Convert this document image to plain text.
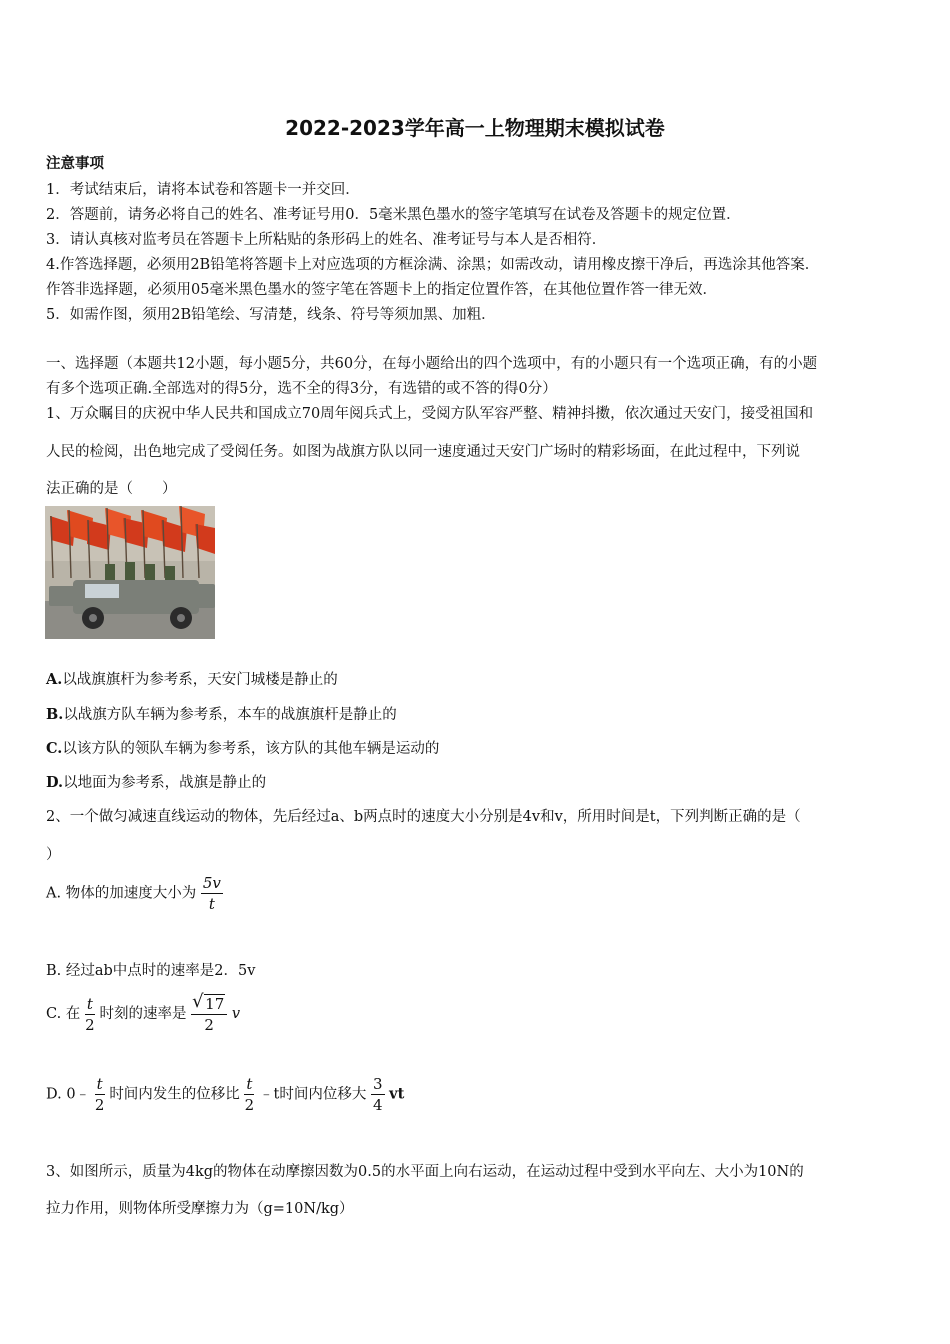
2022-2023学年高一上物理期末模拟试卷
注意事项
1．考试结束后，请将本试卷和答题卡一并交回．
2．答题前，请务必将自己的姓名、准考证号用0．5毫米黑色墨水的签字笔填写在试卷及答题卡的规定位置．
3．请认真核对监考员在答题卡上所粘贴的条形码上的姓名、准考证号与本人是否相符．
4.作答选择题，必须用2B铅笔将答题卡上对应选项的方框涂满、涂黑；如需改动，请用橡皮擦干净后，再选涂其他答案．
作答非选择题，必须用05毫米黑色墨水的签字笔在答题卡上的指定位置作答，在其他位置作答一律无效．
5．如需作图，须用2B铅笔绘、写清楚，线条、符号等须加黑、加粗．
一、选择题（本题共12小题，每小题5分，共60分，在每小题给出的四个选项中，有的小题只有一个选项正确，有的小题
有多个选项正确.全部选对的得5分，选不全的得3分，有选错的或不答的得0分）
1、万众瞩目的庆祝中华人民共和国成立70周年阅兵式上，受阅方队军容严整、精神抖擞，依次通过天安门，接受祖国和
人民的检阅，出色地完成了受阅任务。如图为战旗方队以同一速度通过天安门广场时的精彩场面，在此过程中，下列说
法正确的是（　　）
A.以战旗旗杆为参考系，天安门城楼是静止的
B.以战旗方队车辆为参考系，本车的战旗旗杆是静止的
C.以该方队的领队车辆为参考系，该方队的其他车辆是运动的
D.以地面为参考系，战旗是静止的
2、一个做匀减速直线运动的物体，先后经过a、b两点时的速度大小分别是4v和v，所用时间是t，下列判断正确的是（
）
A. 物体的加速度大小为 $\frac{5v}{t}$
B. 经过ab中点时的速率是2．5v
C. 在 $\frac{t}{2}$ 时刻的速率是
√ $\frac{17}{2}$ v
D. 0﹣ $\frac{t}{2}$ 时间内发生的位移比 $\frac{t}{2}$ ﹣t时间内位移大 $\frac{3}{4}$ vt
3、如图所示，质量为4kg的物体在动摩擦因数为0.5的水平面上向右运动，在运动过程中受到水平向左、大小为10N的
拉力作用，则物体所受摩擦力为（g=10N/kg）
